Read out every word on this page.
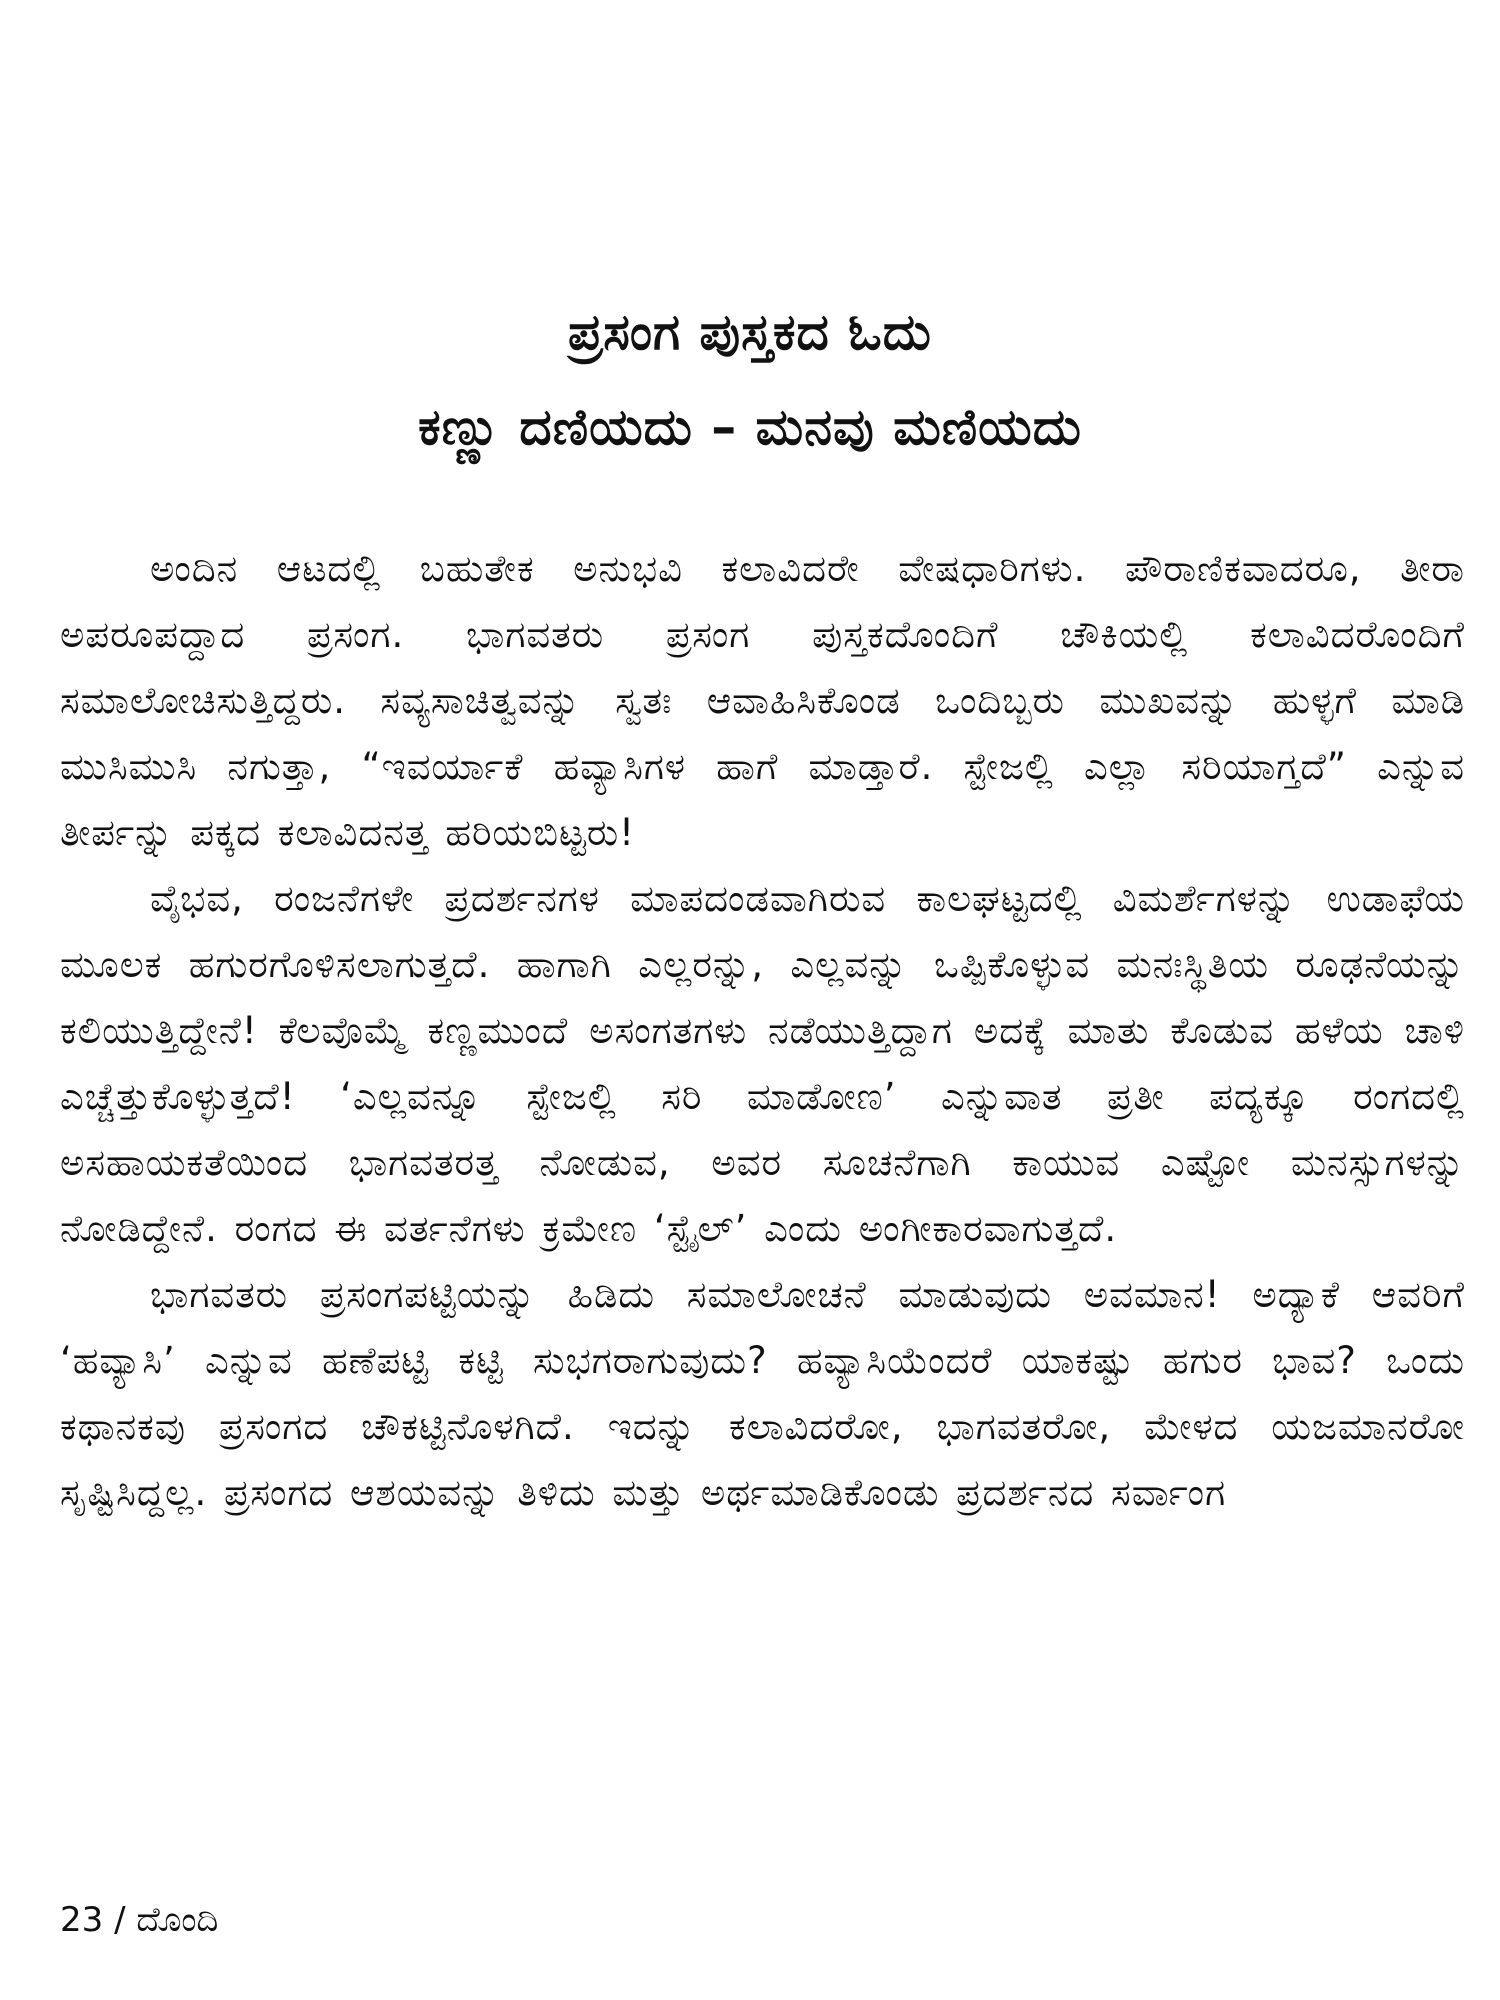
ಪ್ರಸಂಗ ಪುಸ್ತಕದ ಓದು
ಕಣ್ಣು ದಣಿಯದು – ಮನವು ಮಣಿಯದು

ಅಂದಿನ ಆಟದಲ್ಲಿ ಬಹುತೇಕ ಅನುಭವಿ ಕಲಾವಿದರೇ ವೇಷಧಾರಿಗಳು. ಪೌರಾಣಿಕವಾದರೂ, ತೀರಾ ಅಪರೂಪದ್ದಾದ ಪ್ರಸಂಗ. ಭಾಗವತರು ಪ್ರಸಂಗ ಪುಸ್ತಕದೊಂದಿಗೆ ಚೌಕಿಯಲ್ಲಿ ಕಲಾವಿದರೊಂದಿಗೆ ಸಮಾಲೋಚಿಸುತ್ತಿದ್ದರು. ಸವ್ಯಸಾಚಿತ್ವವನ್ನು ಸ್ವತಃ ಆವಾಹಿಸಿಕೊಂಡ ಒಂದಿಬ್ಬರು ಮುಖವನ್ನು ಹುಳ್ಳಗೆ ಮಾಡಿ ಮುಸಿಮುಸಿ ನಗುತ್ತಾ, “ಇವರ್ಯಾಕೆ ಹವ್ಯಾಸಿಗಳ ಹಾಗೆ ಮಾಡ್ತಾರೆ. ಸ್ಟೇಜಲ್ಲಿ ಎಲ್ಲಾ ಸರಿಯಾಗ್ತದೆ” ಎನ್ನುವ ತೀರ್ಪನ್ನು ಪಕ್ಕದ ಕಲಾವಿದನತ್ತ ಹರಿಯಬಿಟ್ಟರು!

ವೈಭವ, ರಂಜನೆಗಳೇ ಪ್ರದರ್ಶನಗಳ ಮಾಪದಂಡವಾಗಿರುವ ಕಾಲಘಟ್ಟದಲ್ಲಿ ವಿಮರ್ಶೆಗಳನ್ನು ಉಡಾಫೆಯ ಮೂಲಕ ಹಗುರಗೊಳಿಸಲಾಗುತ್ತದೆ. ಹಾಗಾಗಿ ಎಲ್ಲರನ್ನು, ಎಲ್ಲವನ್ನು ಒಪ್ಪಿಕೊಳ್ಳುವ ಮನಃಸ್ಥಿತಿಯ ರೂಢನೆಯನ್ನು ಕಲಿಯುತ್ತಿದ್ದೇನೆ! ಕೆಲವೊಮ್ಮೆ ಕಣ್ಣಮುಂದೆ ಅಸಂಗತಗಳು ನಡೆಯುತ್ತಿದ್ದಾಗ ಅದಕ್ಕೆ ಮಾತು ಕೊಡುವ ಹಳೆಯ ಚಾಳಿ ಎಚ್ಚೆತ್ತುಕೊಳ್ಳುತ್ತದೆ! ‘ಎಲ್ಲವನ್ನೂ ಸ್ಟೇಜಲ್ಲಿ ಸರಿ ಮಾಡೋಣ’ ಎನ್ನುವಾತ ಪ್ರತೀ ಪದ್ಯಕ್ಕೂ ರಂಗದಲ್ಲಿ ಅಸಹಾಯಕತೆಯಿಂದ ಭಾಗವತರತ್ತ ನೋಡುವ, ಅವರ ಸೂಚನೆಗಾಗಿ ಕಾಯುವ ಎಷ್ಟೋ ಮನಸ್ಸುಗಳನ್ನು ನೋಡಿದ್ದೇನೆ. ರಂಗದ ಈ ವರ್ತನೆಗಳು ಕ್ರಮೇಣ ‘ಸ್ಟೈಲ್’ ಎಂದು ಅಂಗೀಕಾರವಾಗುತ್ತದೆ.

ಭಾಗವತರು ಪ್ರಸಂಗಪಟ್ಟಿಯನ್ನು ಹಿಡಿದು ಸಮಾಲೋಚನೆ ಮಾಡುವುದು ಅವಮಾನ! ಅದ್ಯಾಕೆ ಆವರಿಗೆ ‘ಹವ್ಯಾಸಿ’ ಎನ್ನುವ ಹಣೆಪಟ್ಟಿ ಕಟ್ಟಿ ಸುಭಗರಾಗುವುದು? ಹವ್ಯಾಸಿಯೆಂದರೆ ಯಾಕಷ್ಟು ಹಗುರ ಭಾವ? ಒಂದು ಕಥಾನಕವು ಪ್ರಸಂಗದ ಚೌಕಟ್ಟಿನೊಳಗಿದೆ. ಇದನ್ನು ಕಲಾವಿದರೋ, ಭಾಗವತರೋ, ಮೇಳದ ಯಜಮಾನರೋ ಸೃಷ್ಟಿಸಿದ್ದಲ್ಲ. ಪ್ರಸಂಗದ ಆಶಯವನ್ನು ತಿಳಿದು ಮತ್ತು ಅರ್ಥಮಾಡಿಕೊಂಡು ಪ್ರದರ್ಶನದ ಸರ್ವಾಂಗ

23 / ದೊಂದಿ
